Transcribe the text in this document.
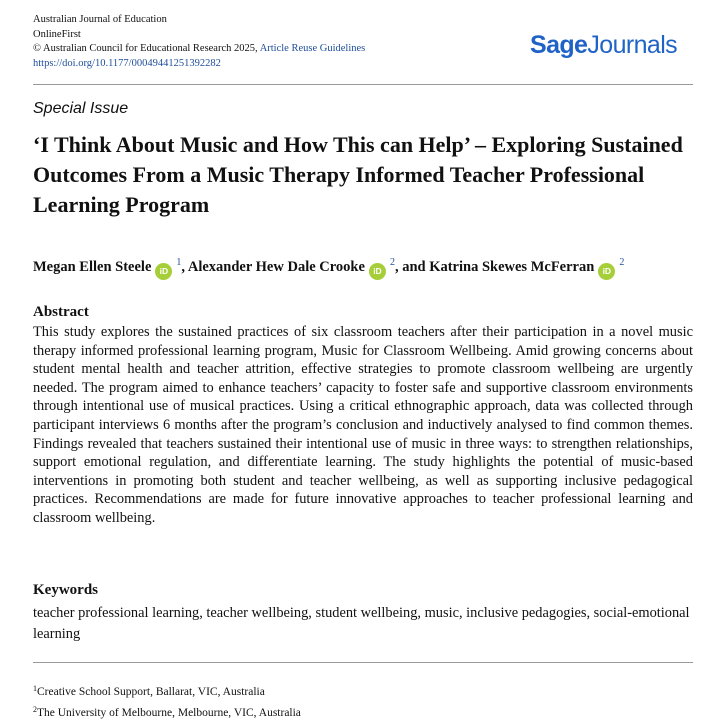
Australian Journal of Education
OnlineFirst
© Australian Council for Educational Research 2025, Article Reuse Guidelines
https://doi.org/10.1177/00049441251392282
SageJournals
Special Issue
‘I Think About Music and How This can Help’ – Exploring Sustained Outcomes From a Music Therapy Informed Teacher Professional Learning Program
Megan Ellen Steele iD$^1$, Alexander Hew Dale Crooke iD$^2$, and Katrina Skewes McFerran iD$^2$
Abstract

This study explores the sustained practices of six classroom teachers after their participation in a novel music therapy informed professional learning program, Music for Classroom Wellbeing. Amid growing concerns about student mental health and teacher attrition, effective strategies to promote classroom wellbeing are urgently needed. The program aimed to enhance teachers’ capacity to foster safe and supportive classroom environments through intentional use of musical practices. Using a critical ethnographic approach, data was collected through participant interviews 6 months after the program’s conclusion and inductively analysed to find common themes. Findings revealed that teachers sustained their intentional use of music in three ways: to strengthen relationships, support emotional regulation, and differentiate learning. The study highlights the potential of music-based interventions in promoting both student and teacher wellbeing, as well as supporting inclusive pedagogical practices. Recommendations are made for future innovative approaches to teacher professional learning and classroom wellbeing.

Keywords

teacher professional learning, teacher wellbeing, student wellbeing, music, inclusive pedagogies, social-emotional learning

$^1$Creative School Support, Ballarat, VIC, Australia
$^2$The University of Melbourne, Melbourne, VIC, Australia
